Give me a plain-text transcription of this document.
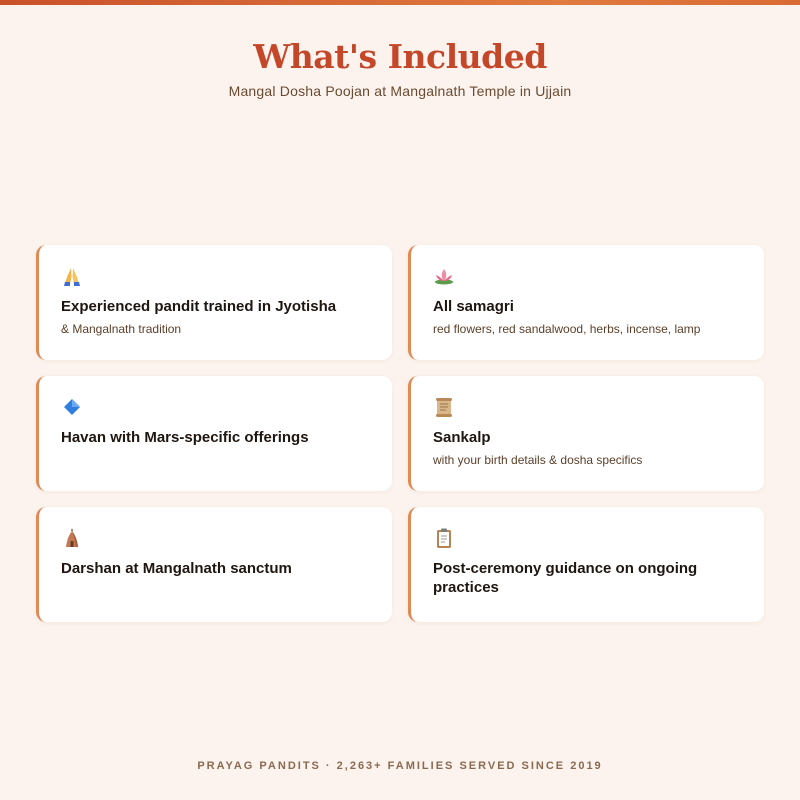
What's Included

Mangal Dosha Poojan at Mangalnath Temple in Ujjain

Experienced pandit trained in Jyotisha
& Mangalnath tradition
All samagri
red flowers, red sandalwood, herbs, incense, lamp
Havan with Mars-specific offerings	Sankalp
with your birth details & dosha specifics
Darshan at Mangalnath sanctum	Post-ceremony guidance on ongoing practices
PRAYAG PANDITS · 2,263+ FAMILIES SERVED SINCE 2019
